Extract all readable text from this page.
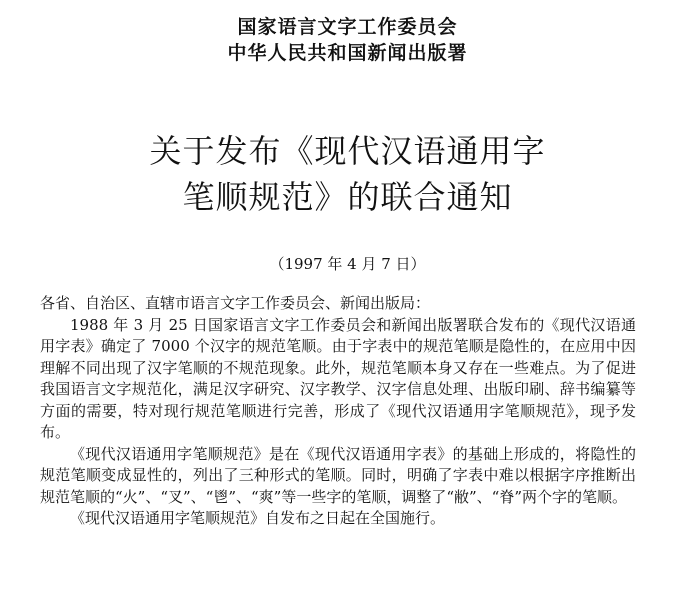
国家语言文字工作委员会
中华人民共和国新闻出版署
关于发布《现代汉语通用字
笔顺规范》的联合通知
（1997 年 4 月 7 日）

各省、自治区、直辖市语言文字工作委员会、新闻出版局：

1988 年 3 月 25 日国家语言文字工作委员会和新闻出版署联合发布的《现代汉语通用字表》确定了 7000 个汉字的规范笔顺。由于字表中的规范笔顺是隐性的，在应用中因理解不同出现了汉字笔顺的不规范现象。此外，规范笔顺本身又存在一些难点。为了促进我国语言文字规范化，满足汉字研究、汉字教学、汉字信息处理、出版印刷、辞书编纂等方面的需要，特对现行规范笔顺进行完善，形成了《现代汉语通用字笔顺规范》，现予发布。

《现代汉语通用字笔顺规范》是在《现代汉语通用字表》的基础上形成的，将隐性的规范笔顺变成显性的，列出了三种形式的笔顺。同时，明确了字表中难以根据字序推断出规范笔顺的“火”、“叉”、“鬯”、“爽”等一些字的笔顺，调整了“敝”、“脊”两个字的笔顺。

《现代汉语通用字笔顺规范》自发布之日起在全国施行。
